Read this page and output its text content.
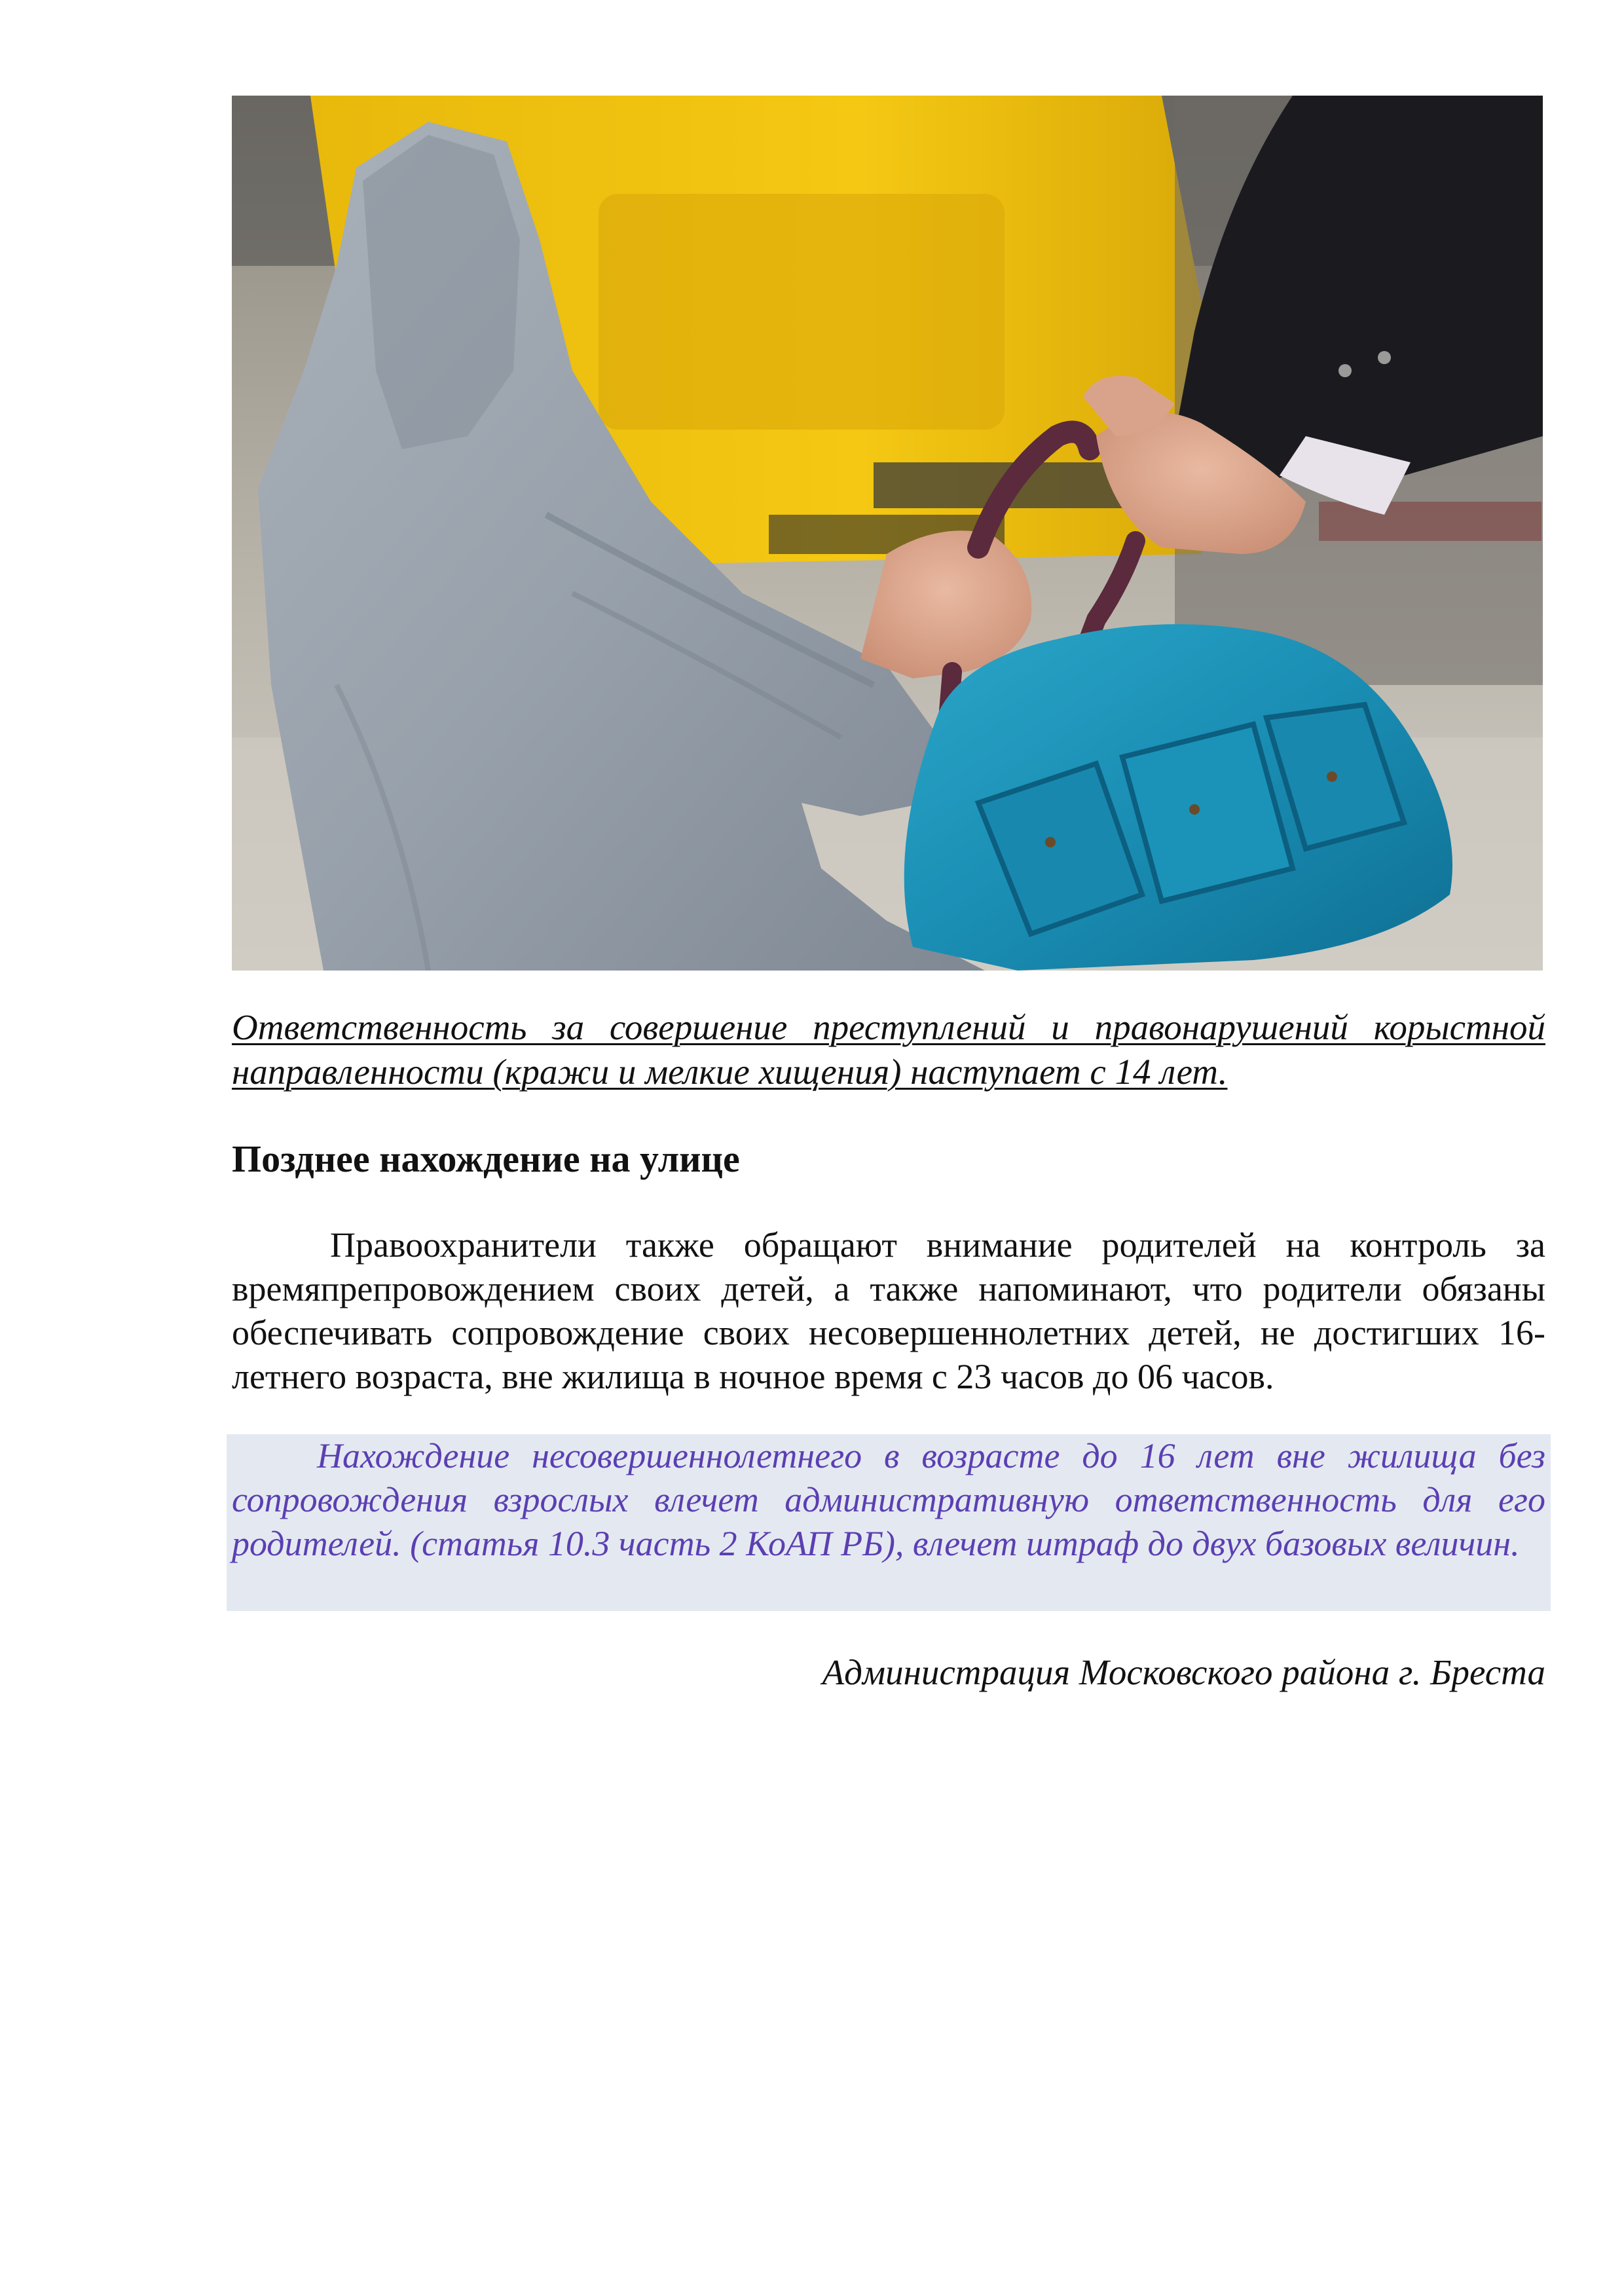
Ответственность за совершение преступлений и правонарушений корыстной направленности (кражи и мелкие хищения) наступает с 14 лет.
Позднее нахождение на улице
Правоохранители также обращают внимание родителей на контроль за времяпрепровождением своих детей, а также напоминают, что родители обязаны обеспечивать сопровождение своих несовершеннолетних детей, не достигших 16-летнего возраста, вне жилища в ночное время с 23 часов до 06 часов.
Нахождение несовершеннолетнего в возрасте до 16 лет вне жилища без сопровождения взрослых влечет административную ответственность для его родителей. (статья 10.3 часть 2 КоАП РБ), влечет штраф до двух базовых величин.
Администрация Московского района г. Бреста
